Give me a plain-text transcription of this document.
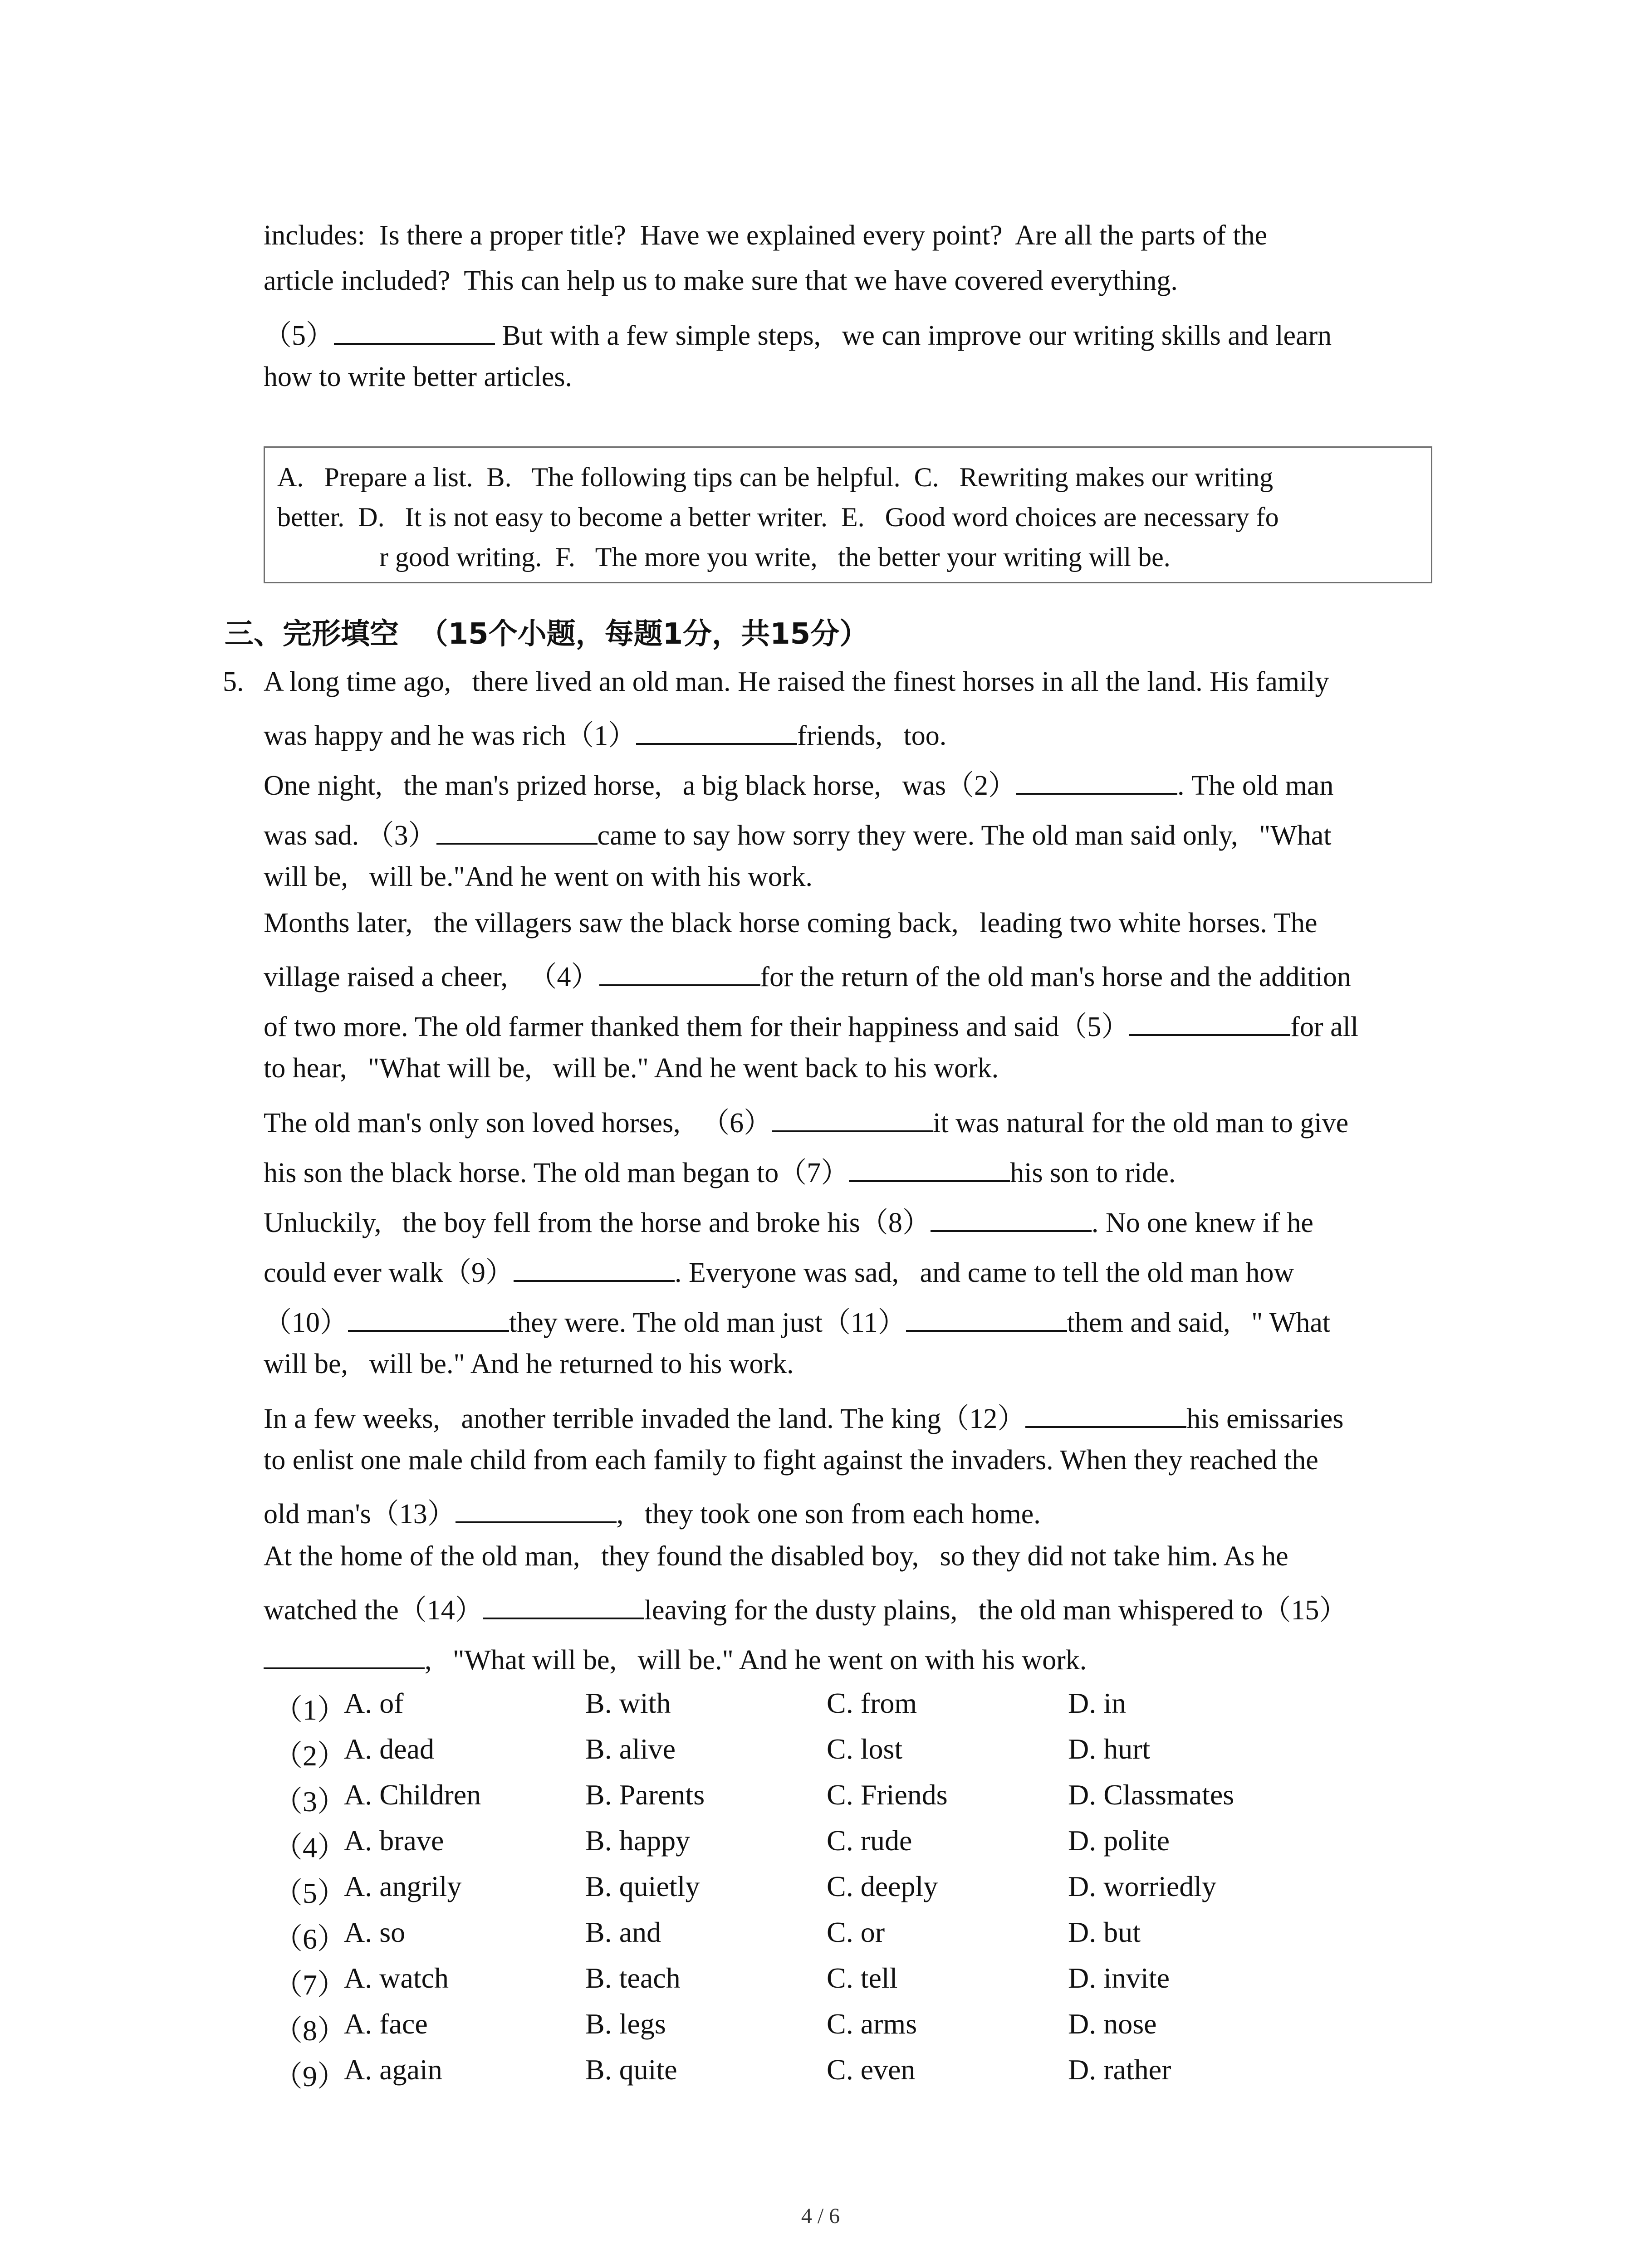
includes:  Is there a proper title?  Have we explained every point?  Are all the parts of the
article included?  This can help us to make sure that we have covered everything.
（5）	But with a few simple steps,   we can improve our writing skills and learn
how to write better articles.
A.   Prepare a list.  B.   The following tips can be helpful.  C.   Rewriting makes our writing
better.  D.   It is not easy to become a better writer.  E.   Good word choices are necessary fo
r good writing.  F.   The more you write,   the better your writing will be.
三、完形填空  （15个小题，每题1分，共15分）
5. A long time ago,   there lived an old man. He raised the finest horses in all the land. His family
was happy and he was rich（1）	friends,   too.
One night,   the man's prized horse,   a big black horse,   was（2）	. The old man
was sad. （3）	came to say how sorry they were. The old man said only,   "What
will be,   will be."And he went on with his work.
Months later,   the villagers saw the black horse coming back,   leading two white horses. The
village raised a cheer,   （4）	for the return of the old man's horse and the addition
of two more. The old farmer thanked them for their happiness and said（5）	for all
to hear,   "What will be,   will be." And he went back to his work.
The old man's only son loved horses,   （6）	it was natural for the old man to give
his son the black horse. The old man began to（7）	his son to ride.
Unluckily,   the boy fell from the horse and broke his（8）	. No one knew if he
could ever walk（9）	. Everyone was sad,   and came to tell the old man how
（10）	they were. The old man just（11）	them and said,   " What
will be,   will be." And he returned to his work.
In a few weeks,   another terrible invaded the land. The king（12）	his emissaries
to enlist one male child from each family to fight against the invaders. When they reached the
old man's（13）	,   they took one son from each home.
At the home of the old man,   they found the disabled boy,   so they did not take him. As he
watched the（14）	leaving for the dusty plains,   the old man whispered to（15）
,   "What will be,   will be." And he went on with his work.
（1）
A. of	B. with	C. from	D. in
（2）
A. dead	B. alive	C. lost	D. hurt
（3）
A. Children	B. Parents	C. Friends	D. Classmates
（4）
A. brave	B. happy	C. rude	D. polite
（5）
A. angrily	B. quietly	C. deeply	D. worriedly
（6）
A. so	B. and	C. or	D. but
（7）
A. watch	B. teach	C. tell	D. invite
（8）
A. face	B. legs	C. arms	D. nose
（9）
A. again	B. quite	C. even	D. rather
4 / 6
